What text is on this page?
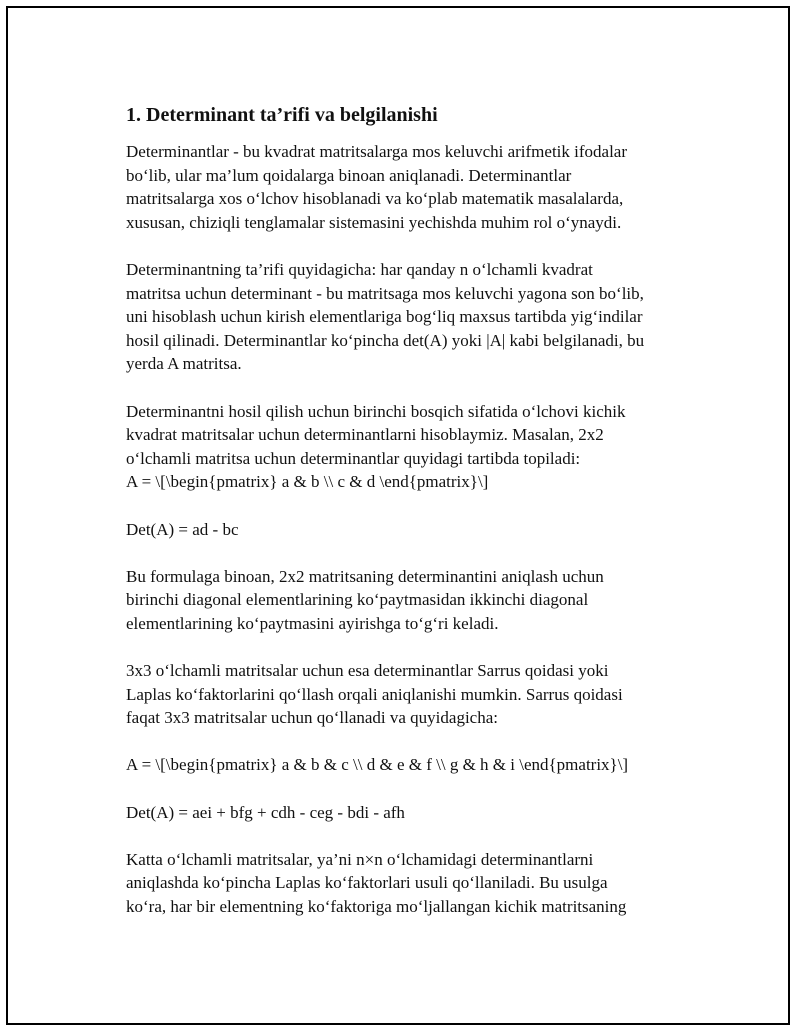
1. Determinant ta’rifi va belgilanishi

Determinantlar - bu kvadrat matritsalarga mos keluvchi arifmetik ifodalar
bo‘lib, ular ma’lum qoidalarga binoan aniqlanadi. Determinantlar
matritsalarga xos o‘lchov hisoblanadi va ko‘plab matematik masalalarda,
xususan, chiziqli tenglamalar sistemasini yechishda muhim rol o‘ynaydi.

Determinantning ta’rifi quyidagicha: har qanday n o‘lchamli kvadrat
matritsa uchun determinant - bu matritsaga mos keluvchi yagona son bo‘lib,
uni hisoblash uchun kirish elementlariga bog‘liq maxsus tartibda yig‘indilar
hosil qilinadi. Determinantlar ko‘pincha det(A) yoki |A| kabi belgilanadi, bu
yerda A matritsa.

Determinantni hosil qilish uchun birinchi bosqich sifatida o‘lchovi kichik
kvadrat matritsalar uchun determinantlarni hisoblaymiz. Masalan, 2x2
o‘lchamli matritsa uchun determinantlar quyidagi tartibda topiladi:
A = \[\begin{pmatrix} a & b \\ c & d \end{pmatrix}\]

Det(A) = ad - bc

Bu formulaga binoan, 2x2 matritsaning determinantini aniqlash uchun
birinchi diagonal elementlarining ko‘paytmasidan ikkinchi diagonal
elementlarining ko‘paytmasini ayirishga to‘g‘ri keladi.

3x3 o‘lchamli matritsalar uchun esa determinantlar Sarrus qoidasi yoki
Laplas ko‘faktorlarini qo‘llash orqali aniqlanishi mumkin. Sarrus qoidasi
faqat 3x3 matritsalar uchun qo‘llanadi va quyidagicha:

A = \[\begin{pmatrix} a & b & c \\ d & e & f \\ g & h & i \end{pmatrix}\]

Det(A) = aei + bfg + cdh - ceg - bdi - afh

Katta o‘lchamli matritsalar, ya’ni n×n o‘lchamidagi determinantlarni
aniqlashda ko‘pincha Laplas ko‘faktorlari usuli qo‘llaniladi. Bu usulga
ko‘ra, har bir elementning ko‘faktoriga mo‘ljallangan kichik matritsaning
